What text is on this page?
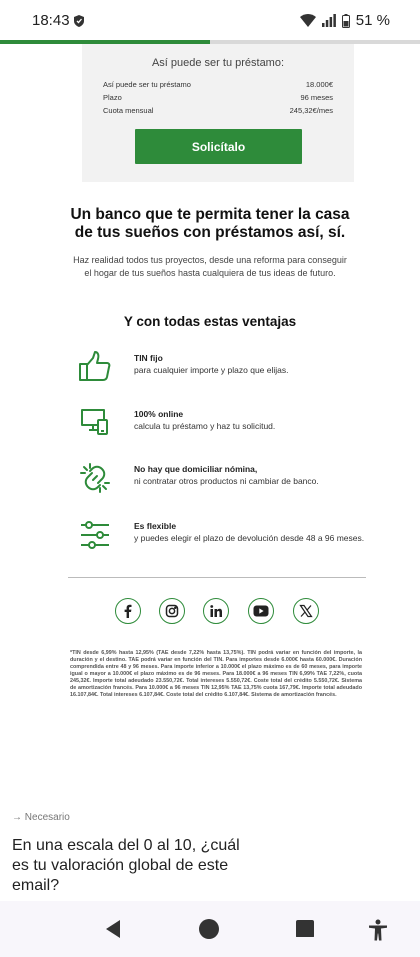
18:43	51 %
Así puede ser tu préstamo:
Así puede ser tu préstamo	18.000€
Plazo	96 meses
Cuota mensual	245,32€/mes
Solicítalo
Un banco que te permita tener la casa
de tus sueños con préstamos así, sí.
Haz realidad todos tus proyectos, desde una reforma para conseguir el hogar de tus sueños hasta cualquiera de tus ideas de futuro.
Y con todas estas ventajas
TIN fijo
para cualquier importe y plazo que elijas.
100% online
calcula tu préstamo y haz tu solicitud.
No hay que domiciliar nómina,
ni contratar otros productos ni cambiar de banco.
Es flexible
y puedes elegir el plazo de devolución desde 48 a 96 meses.
*TIN desde 6,99% hasta 12,95% (TAE desde 7,22% hasta 13,75%). TIN podrá variar en función del importe, la duración y el destino. TAE podrá variar en función del TIN. Para importes desde 6.000€ hasta 60.000€. Duración comprendida entre 48 y 96 meses. Para importe inferior a 10.000€ el plazo máximo es de 60 meses, para importe igual o mayor a 10.000€ el plazo máximo es de 96 meses. Para 18.000€ a 96 meses TIN 6,99% TAE 7,22%, cuota 245,32€. Importe total adeudado 23.550,72€. Total intereses 5.550,72€. Coste total del crédito 5.550,72€. Sistema de amortización francés. Para 10.000€ a 96 meses TIN 12,95% TAE 13,75% cuota 167,79€. Importe total adeudado 16.107,84€. Total intereses 6.107,84€. Coste total del crédito 6.107,84€. Sistema de amortización francés.
→ Necesario
En una escala del 0 al 10, ¿cuál es tu valoración global de este email?
